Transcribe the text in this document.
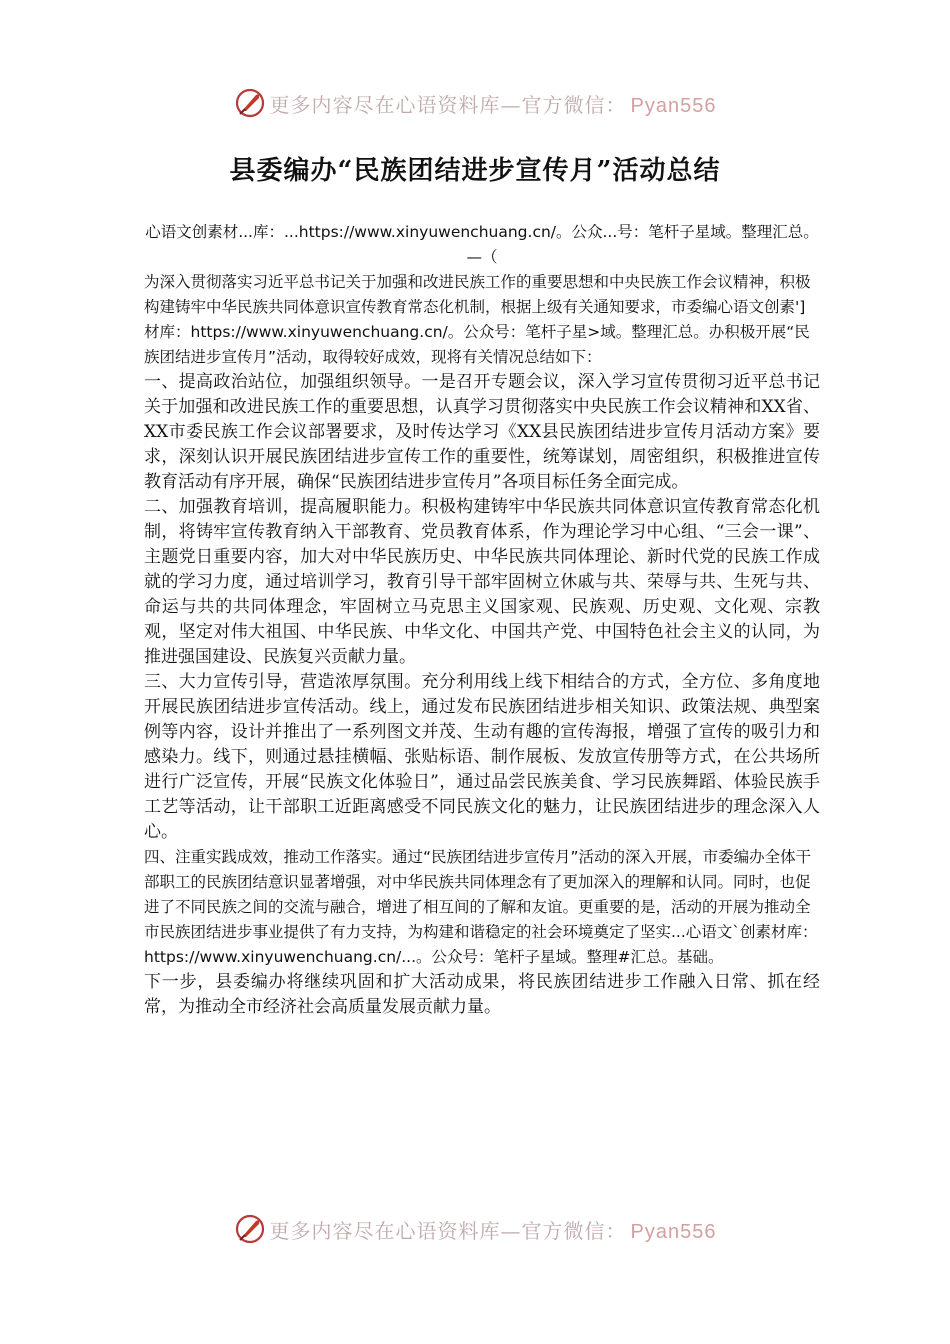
更多内容尽在心语资料库—官方微信： Pyan556
县委编办“民族团结进步宣传月”活动总结

心语文创素材...库：...https://www.xinyuwenchuang.cn/。公众...号：笔杆子星域。整理汇总。—（

为深入贯彻落实习近平总书记关于加强和改进民族工作的重要思想和中央民族工作会议精神，积极构建铸牢中华民族共同体意识宣传教育常态化机制，根据上级有关通知要求，市委编心语文创素']材库：https://www.xinyuwenchuang.cn/。公众号：笔杆子星>域。整理汇总。办积极开展“民族团结进步宣传月”活动，取得较好成效，现将有关情况总结如下：

一、提高政治站位，加强组织领导。一是召开专题会议，深入学习宣传贯彻习近平总书记关于加强和改进民族工作的重要思想，认真学习贯彻落实中央民族工作会议精神和XX省、XX市委民族工作会议部署要求，及时传达学习《XX县民族团结进步宣传月活动方案》要求，深刻认识开展民族团结进步宣传工作的重要性，统筹谋划，周密组织，积极推进宣传教育活动有序开展，确保“民族团结进步宣传月”各项目标任务全面完成。

二、加强教育培训，提高履职能力。积极构建铸牢中华民族共同体意识宣传教育常态化机制，将铸牢宣传教育纳入干部教育、党员教育体系，作为理论学习中心组、“三会一课”、主题党日重要内容，加大对中华民族历史、中华民族共同体理论、新时代党的民族工作成就的学习力度，通过培训学习，教育引导干部牢固树立休戚与共、荣辱与共、生死与共、命运与共的共同体理念，牢固树立马克思主义国家观、民族观、历史观、文化观、宗教观，坚定对伟大祖国、中华民族、中华文化、中国共产党、中国特色社会主义的认同，为推进强国建设、民族复兴贡献力量。

三、大力宣传引导，营造浓厚氛围。充分利用线上线下相结合的方式，全方位、多角度地开展民族团结进步宣传活动。线上，通过发布民族团结进步相关知识、政策法规、典型案例等内容，设计并推出了一系列图文并茂、生动有趣的宣传海报，增强了宣传的吸引力和感染力。线下，则通过悬挂横幅、张贴标语、制作展板、发放宣传册等方式，在公共场所进行广泛宣传，开展“民族文化体验日”，通过品尝民族美食、学习民族舞蹈、体验民族手工艺等活动，让干部职工近距离感受不同民族文化的魅力，让民族团结进步的理念深入人心。

四、注重实践成效，推动工作落实。通过“民族团结进步宣传月”活动的深入开展，市委编办全体干部职工的民族团结意识显著增强，对中华民族共同体理念有了更加深入的理解和认同。同时，也促进了不同民族之间的交流与融合，增进了相互间的了解和友谊。更重要的是，活动的开展为推动全市民族团结进步事业提供了有力支持，为构建和谐稳定的社会环境奠定了坚实...心语文`创素材库：https://www.xinyuwenchuang.cn/...。公众号：笔杆子星域。整理#汇总。基础。

下一步，县委编办将继续巩固和扩大活动成果，将民族团结进步工作融入日常、抓在经常，为推动全市经济社会高质量发展贡献力量。

更多内容尽在心语资料库—官方微信： Pyan556
